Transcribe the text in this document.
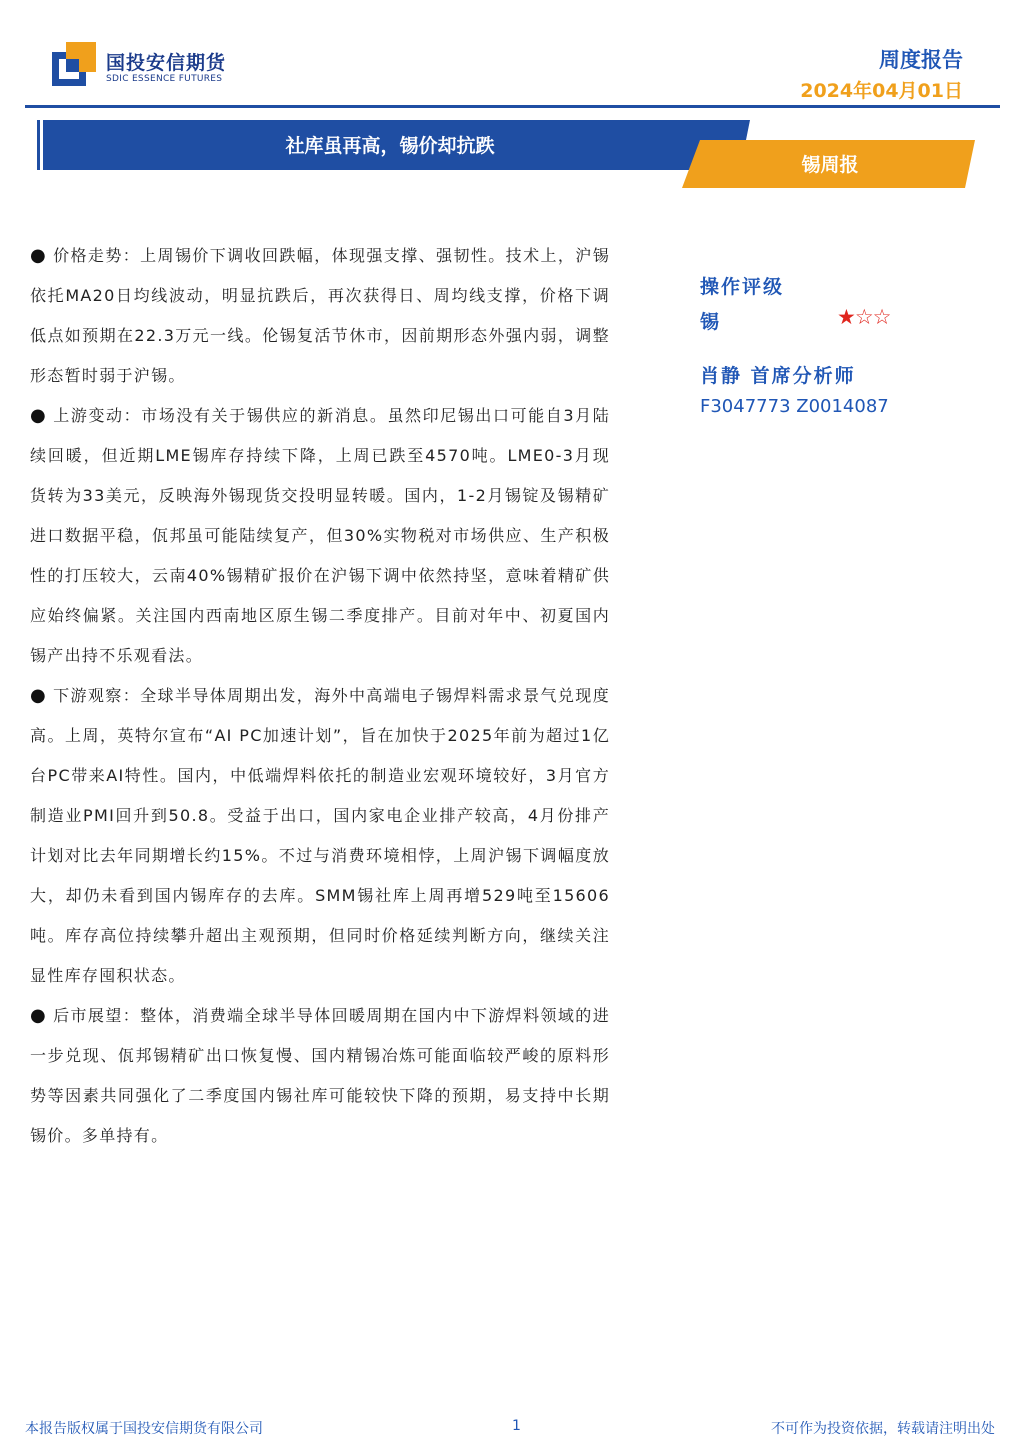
国投安信期货
SDIC ESSENCE FUTURES
周度报告
2024年04月01日
社库虽再高，锡价却抗跌
锡周报

● 价格走势：上周锡价下调收回跌幅，体现强支撑、强韧性。技术上，沪锡依托MA20日均线波动，明显抗跌后，再次获得日、周均线支撑，价格下调低点如预期在22.3万元一线。伦锡复活节休市，因前期形态外强内弱，调整形态暂时弱于沪锡。

● 上游变动：市场没有关于锡供应的新消息。虽然印尼锡出口可能自3月陆续回暖，但近期LME锡库存持续下降，上周已跌至4570吨。LME0-3月现货转为33美元，反映海外锡现货交投明显转暖。国内，1-2月锡锭及锡精矿进口数据平稳，佤邦虽可能陆续复产，但30%实物税对市场供应、生产积极性的打压较大，云南40%锡精矿报价在沪锡下调中依然持坚，意味着精矿供应始终偏紧。关注国内西南地区原生锡二季度排产。目前对年中、初夏国内锡产出持不乐观看法。

● 下游观察：全球半导体周期出发，海外中高端电子锡焊料需求景气兑现度高。上周，英特尔宣布“AI PC加速计划”，旨在加快于2025年前为超过1亿台PC带来AI特性。国内，中低端焊料依托的制造业宏观环境较好，3月官方制造业PMI回升到50.8。受益于出口，国内家电企业排产较高，4月份排产计划对比去年同期增长约15%。不过与消费环境相悖，上周沪锡下调幅度放大，却仍未看到国内锡库存的去库。SMM锡社库上周再增529吨至15606吨。库存高位持续攀升超出主观预期，但同时价格延续判断方向，继续关注显性库存囤积状态。

● 后市展望：整体，消费端全球半导体回暖周期在国内中下游焊料领域的进一步兑现、佤邦锡精矿出口恢复慢、国内精锡冶炼可能面临较严峻的原料形势等因素共同强化了二季度国内锡社库可能较快下降的预期，易支持中长期锡价。多单持有。

操作评级
锡	★☆☆
肖静 首席分析师
F3047773 Z0014087
本报告版权属于国投安信期货有限公司	1	不可作为投资依据，转载请注明出处
